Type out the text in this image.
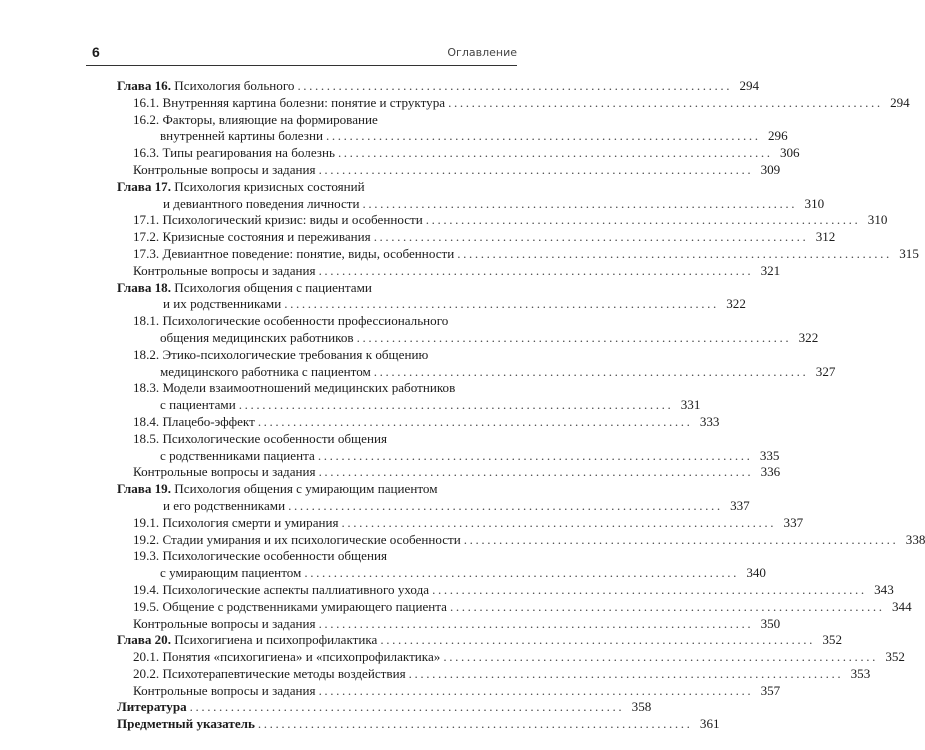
6	Оглавление
Глава 16. Психология больного .......................................................................... 294
16.1. Внутренняя картина болезни: понятие и структура .......................................................................... 294
16.2. Факторы, влияющие на формирование
внутренней картины болезни .......................................................................... 296
16.3. Типы реагирования на болезнь .......................................................................... 306
Контрольные вопросы и задания .......................................................................... 309
Глава 17. Психология кризисных состояний
и девиантного поведения личности .......................................................................... 310
17.1. Психологический кризис: виды и особенности .......................................................................... 310
17.2. Кризисные состояния и переживания .......................................................................... 312
17.3. Девиантное поведение: понятие, виды, особенности .......................................................................... 315
Контрольные вопросы и задания .......................................................................... 321
Глава 18. Психология общения с пациентами
и их родственниками .......................................................................... 322
18.1. Психологические особенности профессионального
общения медицинских работников .......................................................................... 322
18.2. Этико-психологические требования к общению
медицинского работника с пациентом .......................................................................... 327
18.3. Модели взаимоотношений медицинских работников
с пациентами .......................................................................... 331
18.4. Плацебо-эффект .......................................................................... 333
18.5. Психологические особенности общения
с родственниками пациента .......................................................................... 335
Контрольные вопросы и задания .......................................................................... 336
Глава 19. Психология общения с умирающим пациентом
и его родственниками .......................................................................... 337
19.1. Психология смерти и умирания .......................................................................... 337
19.2. Стадии умирания и их психологические особенности .......................................................................... 338
19.3. Психологические особенности общения
с умирающим пациентом .......................................................................... 340
19.4. Психологические аспекты паллиативного ухода .......................................................................... 343
19.5. Общение с родственниками умирающего пациента .......................................................................... 344
Контрольные вопросы и задания .......................................................................... 350
Глава 20. Психогигиена и психопрофилактика .......................................................................... 352
20.1. Понятия «психогигиена» и «психопрофилактика» .......................................................................... 352
20.2. Психотерапевтические методы воздействия .......................................................................... 353
Контрольные вопросы и задания .......................................................................... 357
Литература .......................................................................... 358
Предметный указатель .......................................................................... 361
